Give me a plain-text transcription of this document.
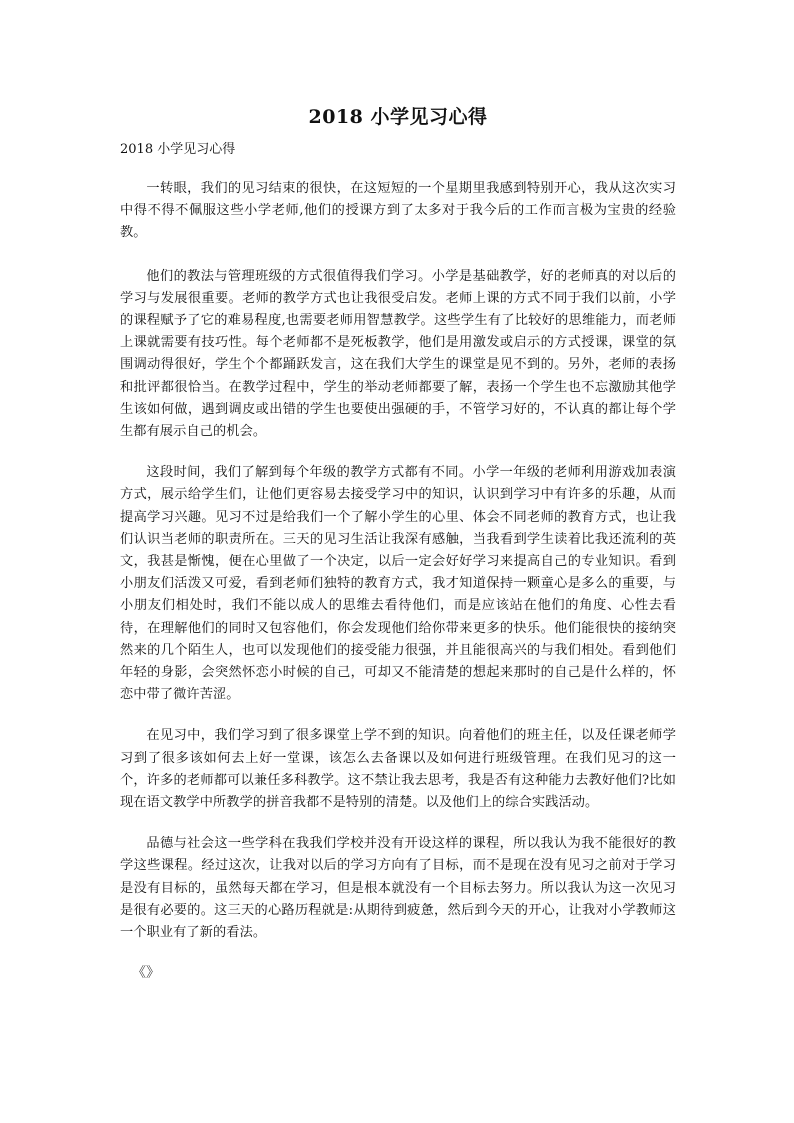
2018 小学见习心得
2018 小学见习心得

一转眼，我们的见习结束的很快，在这短短的一个星期里我感到特别开心，我从这次实习中得不得不佩服这些小学老师,他们的授课方到了太多对于我今后的工作而言极为宝贵的经验教。

他们的教法与管理班级的方式很值得我们学习。小学是基础教学，好的老师真的对以后的学习与发展很重要。老师的教学方式也让我很受启发。老师上课的方式不同于我们以前，小学的课程赋予了它的难易程度,也需要老师用智慧教学。这些学生有了比较好的思维能力，而老师上课就需要有技巧性。每个老师都不是死板教学，他们是用激发或启示的方式授课，课堂的氛围调动得很好，学生个个都踊跃发言，这在我们大学生的课堂是见不到的。另外，老师的表扬和批评都很恰当。在教学过程中，学生的举动老师都要了解，表扬一个学生也不忘激励其他学生该如何做，遇到调皮或出错的学生也要使出强硬的手，不管学习好的，不认真的都让每个学生都有展示自己的机会。

这段时间，我们了解到每个年级的教学方式都有不同。小学一年级的老师利用游戏加表演方式，展示给学生们，让他们更容易去接受学习中的知识，认识到学习中有许多的乐趣，从而提高学习兴趣。见习不过是给我们一个了解小学生的心里、体会不同老师的教育方式，也让我们认识当老师的职责所在。三天的见习生活让我深有感触，当我看到学生读着比我还流利的英文，我甚是惭愧，便在心里做了一个决定，以后一定会好好学习来提高自己的专业知识。看到小朋友们活泼又可爱，看到老师们独特的教育方式，我才知道保持一颗童心是多么的重要，与小朋友们相处时，我们不能以成人的思维去看待他们，而是应该站在他们的角度、心性去看待，在理解他们的同时又包容他们，你会发现他们给你带来更多的快乐。他们能很快的接纳突然来的几个陌生人，也可以发现他们的接受能力很强，并且能很高兴的与我们相处。看到他们年轻的身影，会突然怀恋小时候的自己，可却又不能清楚的想起来那时的自己是什么样的，怀恋中带了微许苦涩。

在见习中，我们学习到了很多课堂上学不到的知识。向着他们的班主任，以及任课老师学习到了很多该如何去上好一堂课，该怎么去备课以及如何进行班级管理。在我们见习的这一个，许多的老师都可以兼任多科教学。这不禁让我去思考，我是否有这种能力去教好他们?比如现在语文教学中所教学的拼音我都不是特别的清楚。以及他们上的综合实践活动。

品德与社会这一些学科在我我们学校并没有开设这样的课程，所以我认为我不能很好的教学这些课程。经过这次，让我对以后的学习方向有了目标，而不是现在没有见习之前对于学习是没有目标的，虽然每天都在学习，但是根本就没有一个目标去努力。所以我认为这一次见习是很有必要的。这三天的心路历程就是:从期待到疲惫，然后到今天的开心，让我对小学教师这一个职业有了新的看法。

《》
